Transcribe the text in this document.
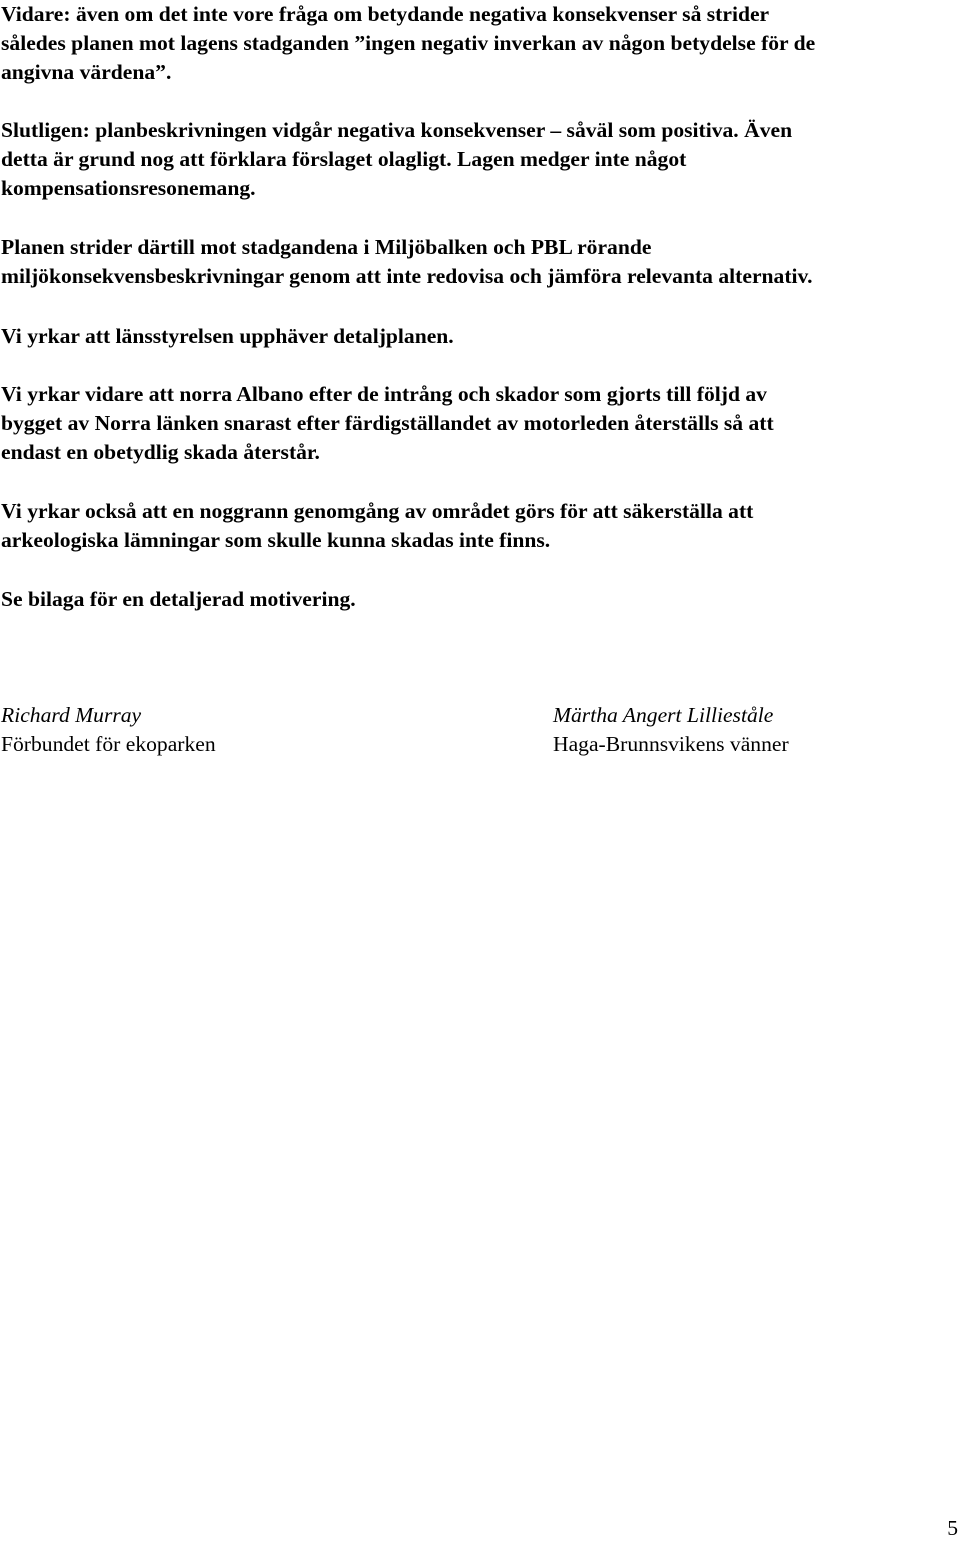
Vidare: även om det inte vore fråga om betydande negativa konsekvenser så strider
således planen mot lagens stadganden ”ingen negativ inverkan av någon betydelse för de
angivna värdena”.

Slutligen: planbeskrivningen vidgår negativa konsekvenser – såväl som positiva. Även
detta är grund nog att förklara förslaget olagligt. Lagen medger inte något
kompensationsresonemang.

Planen strider därtill mot stadgandena i Miljöbalken och PBL rörande
miljökonsekvensbeskrivningar genom att inte redovisa och jämföra relevanta alternativ.

Vi yrkar att länsstyrelsen upphäver detaljplanen.

Vi yrkar vidare att norra Albano efter de intrång och skador som gjorts till följd av
bygget av Norra länken snarast efter färdigställandet av motorleden återställs så att
endast en obetydlig skada återstår.

Vi yrkar också att en noggrann genomgång av området görs för att säkerställa att
arkeologiska lämningar som skulle kunna skadas inte finns.

Se bilaga för en detaljerad motivering.

Richard Murray
Förbundet för ekoparken
Märtha Angert Lillieståle
Haga-Brunnsvikens vänner
5
